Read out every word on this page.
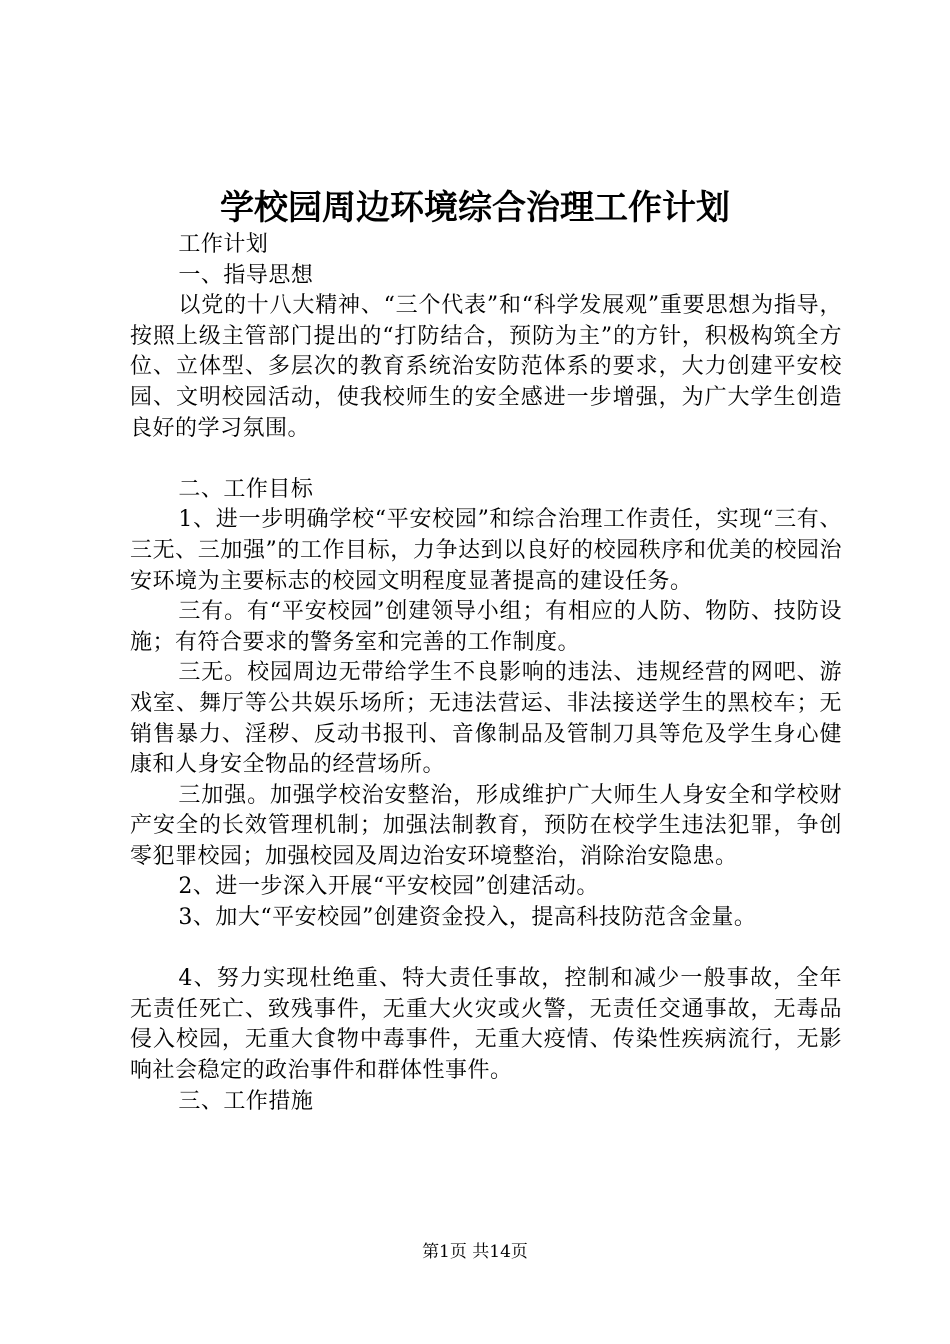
学校园周边环境综合治理工作计划

工作计划

一、指导思想

以党的十八大精神、“三个代表”和“科学发展观”重要思想为指导，按照上级主管部门提出的“打防结合，预防为主”的方针，积极构筑全方位、立体型、多层次的教育系统治安防范体系的要求，大力创建平安校园、文明校园活动，使我校师生的安全感进一步增强，为广大学生创造良好的学习氛围。

二、工作目标

1、进一步明确学校“平安校园”和综合治理工作责任，实现“三有、三无、三加强”的工作目标，力争达到以良好的校园秩序和优美的校园治安环境为主要标志的校园文明程度显著提高的建设任务。

三有。有“平安校园”创建领导小组；有相应的人防、物防、技防设施；有符合要求的警务室和完善的工作制度。

三无。校园周边无带给学生不良影响的违法、违规经营的网吧、游戏室、舞厅等公共娱乐场所；无违法营运、非法接送学生的黑校车；无销售暴力、淫秽、反动书报刊、音像制品及管制刀具等危及学生身心健康和人身安全物品的经营场所。

三加强。加强学校治安整治，形成维护广大师生人身安全和学校财产安全的长效管理机制；加强法制教育，预防在校学生违法犯罪，争创零犯罪校园；加强校园及周边治安环境整治，消除治安隐患。

2、进一步深入开展“平安校园”创建活动。

3、加大“平安校园”创建资金投入，提高科技防范含金量。

4、努力实现杜绝重、特大责任事故，控制和减少一般事故，全年无责任死亡、致残事件，无重大火灾或火警，无责任交通事故，无毒品侵入校园，无重大食物中毒事件，无重大疫情、传染性疾病流行，无影响社会稳定的政治事件和群体性事件。

三、工作措施

第1页 共14页
